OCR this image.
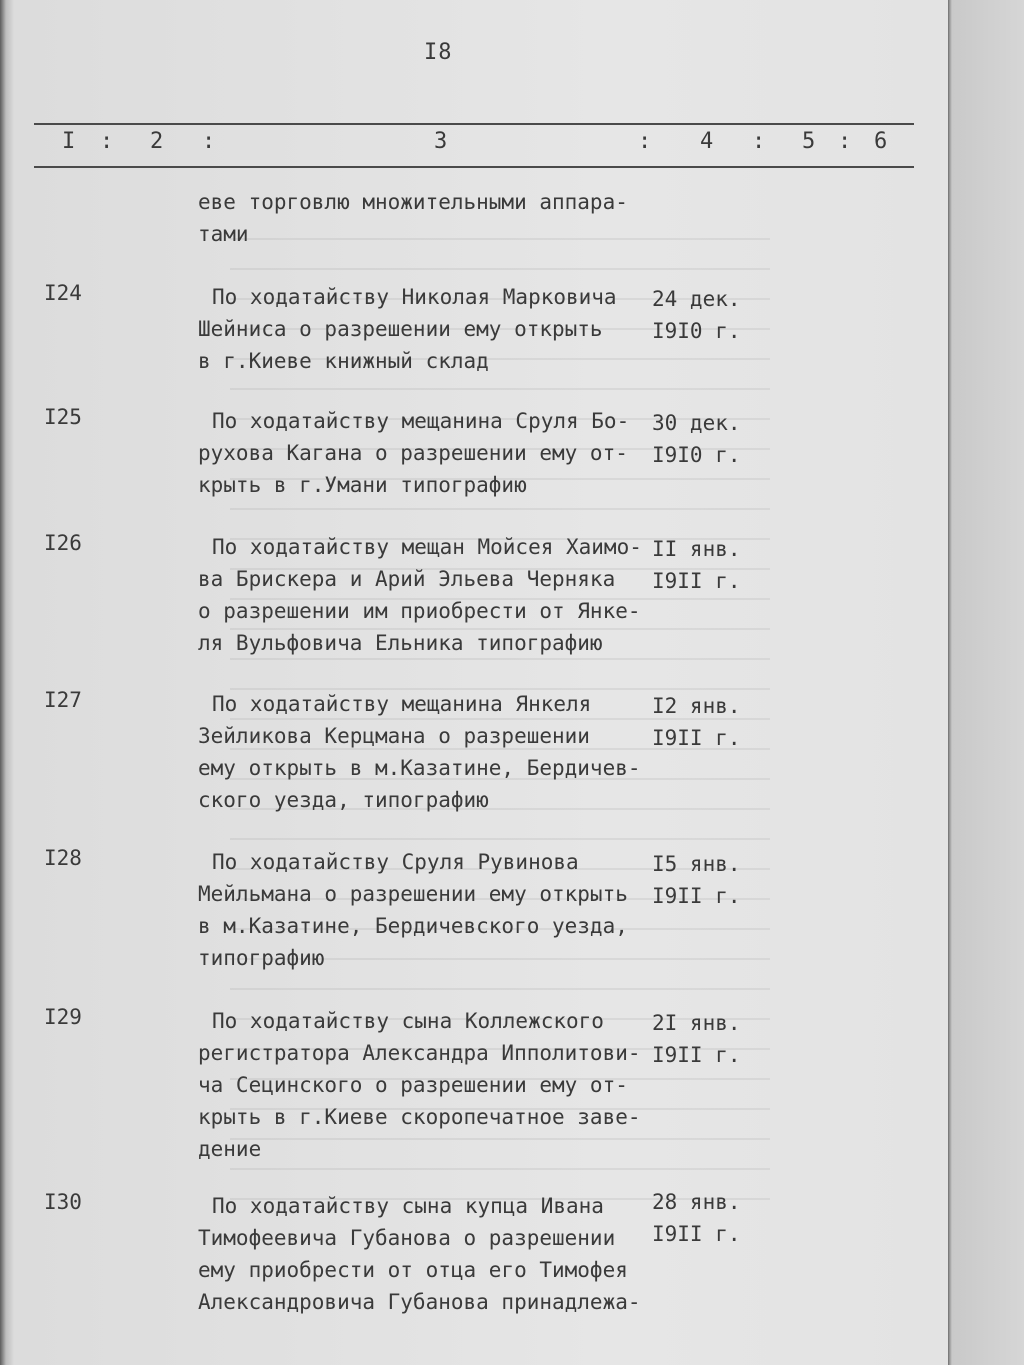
I8
I : 2 :	3	: 4 : 5 : 6
еве торговлю множительными аппара-
тами
I24	По ходатайству Николая Марковича
Шейниса о разрешении ему открыть
в г.Киеве книжный склад
24 дек.
I9I0 г.
I25	По ходатайству мещанина Сруля Бо-
рухова Кагана о разрешении ему от-
крыть в г.Умани типографию
30 дек.
I9I0 г.
I26	По ходатайству мещан Мойсея Хаимо-
ва Брискера и Арий Эльева Черняка
о разрешении им приобрести от Янке-
ля Вульфовича Ельника типографию
II янв.
I9II г.
I27	По ходатайству мещанина Янкеля
Зейликова Керцмана о разрешении
ему открыть в м.Казатине, Бердичев-
ского уезда, типографию
I2 янв.
I9II г.
I28	По ходатайству Сруля Рувинова
Мейльмана о разрешении ему открыть
в м.Казатине, Бердичевского уезда,
типографию
I5 янв.
I9II г.
I29	По ходатайству сына Коллежского
регистратора Александра Ипполитови-
ча Сецинского о разрешении ему от-
крыть в г.Киеве скоропечатное заве-
дение
2I янв.
I9II г.
I30	По ходатайству сына купца Ивана
Тимофеевича Губанова о разрешении
ему приобрести от отца его Тимофея
Александровича Губанова принадлежа-
28 янв.
I9II г.
